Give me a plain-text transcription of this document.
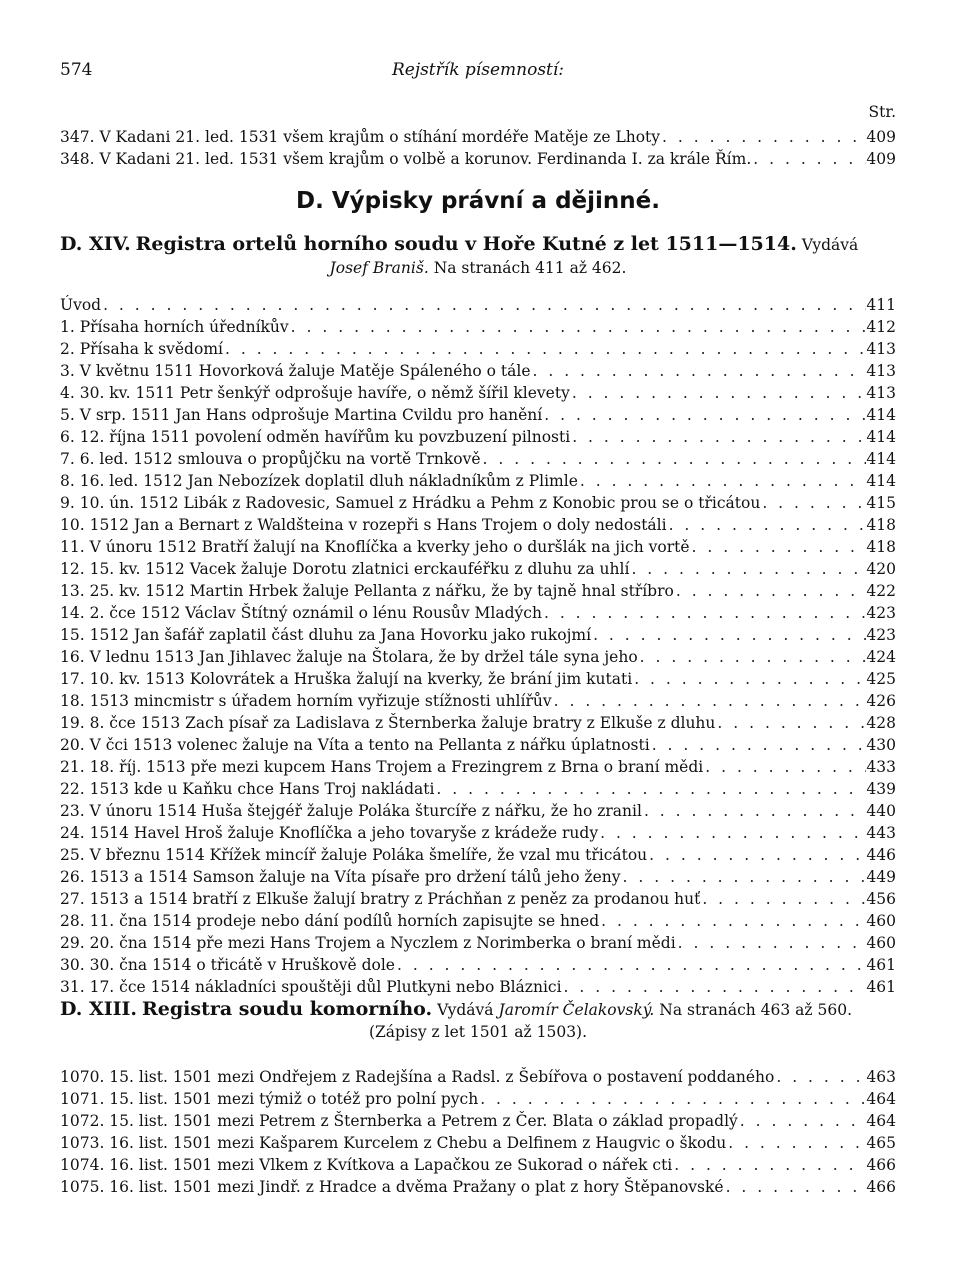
574	Rejstřík písemností:
Str.
347. V Kadani 21. led. 1531 všem krajům o stíhání mordéře Matěje ze Lhoty . . .	409
348. V Kadani 21. led. 1531 všem krajům o volbě a korunov. Ferdinanda I. za krále Řím. . . .	409
D. Výpisky právní a dějinné.
D. XIV. Registra ortelů horního soudu v Hoře Kutné z let 1511—1514. Vydává
Josef Braniš. Na stranách 411 až 462.
Úvod . . .	411
1. Přísaha horních úředníkův . . .	412
2. Přísaha k svědomí . . .	413
3. V květnu 1511 Hovorková žaluje Matěje Spáleného o tále . . .	413
4. 30. kv. 1511 Petr šenkýř odprošuje havíře, o němž šířil klevety . . .	413
5. V srp. 1511 Jan Hans odprošuje Martina Cvildu pro hanění . . .	414
6. 12. října 1511 povolení odměn havířům ku povzbuzení pilnosti . . .	414
7. 6. led. 1512 smlouva o propůjčku na vortě Trnkově . . .	414
8. 16. led. 1512 Jan Nebozízek doplatil dluh nákladníkům z Plimle . . .	414
9. 10. ún. 1512 Libák z Radovesic, Samuel z Hrádku a Pehm z Konobic prou se o třicátou . . .	415
10. 1512 Jan a Bernart z Waldšteina v rozepři s Hans Trojem o doly nedostáli . . .	418
11. V únoru 1512 Bratří žalují na Knoflíčka a kverky jeho o duršlák na jich vortě . . .	418
12. 15. kv. 1512 Vacek žaluje Dorotu zlatnici erckauféřku z dluhu za uhlí . . .	420
13. 25. kv. 1512 Martin Hrbek žaluje Pellanta z nářku, že by tajně hnal stříbro . . .	422
14. 2. čce 1512 Václav Štítný oznámil o lénu Rousův Mladých . . .	423
15. 1512 Jan šafář zaplatil část dluhu za Jana Hovorku jako rukojmí . . .	423
16. V lednu 1513 Jan Jihlavec žaluje na Štolara, že by držel tále syna jeho . . .	424
17. 10. kv. 1513 Kolovrátek a Hruška žalují na kverky, že brání jim kutati . . .	425
18. 1513 mincmistr s úřadem horním vyřizuje stížnosti uhlířův . . .	426
19. 8. čce 1513 Zach písař za Ladislava z Šternberka žaluje bratry z Elkuše z dluhu . . .	428
20. V čci 1513 volenec žaluje na Víta a tento na Pellanta z nářku úplatnosti . . .	430
21. 18. říj. 1513 pře mezi kupcem Hans Trojem a Frezingrem z Brna o braní mědi . . .	433
22. 1513 kde u Kaňku chce Hans Troj nakládati . . .	439
23. V únoru 1514 Huša štejgéř žaluje Poláka šturcíře z nářku, že ho zranil . . .	440
24. 1514 Havel Hroš žaluje Knoflíčka a jeho tovaryše z krádeže rudy . . .	443
25. V březnu 1514 Křížek mincíř žaluje Poláka šmelíře, že vzal mu třicátou . . .	446
26. 1513 a 1514 Samson žaluje na Víta písaře pro držení tálů jeho ženy . . .	449
27. 1513 a 1514 bratří z Elkuše žalují bratry z Práchňan z peněz za prodanou huť . . .	456
28. 11. čna 1514 prodeje nebo dání podílů horních zapisujte se hned . . .	460
29. 20. čna 1514 pře mezi Hans Trojem a Nyczlem z Norimberka o braní mědi . . .	460
30. 30. čna 1514 o třicátě v Hruškově dole . . .	461
31. 17. čce 1514 nákladníci spouštěji důl Plutkyni nebo Bláznici . . .	461
D. XIII. Registra soudu komorního. Vydává Jaromír Čelakovský. Na stranách 463 až 560.
(Zápisy z let 1501 až 1503).
1070. 15. list. 1501 mezi Ondřejem z Radejšína a Radsl. z Šebířova o postavení poddaného . . .	463
1071. 15. list. 1501 mezi týmiž o totéž pro polní pych . . .	464
1072. 15. list. 1501 mezi Petrem z Šternberka a Petrem z Čer. Blata o základ propadlý . . .	464
1073. 16. list. 1501 mezi Kašparem Kurcelem z Chebu a Delfinem z Haugvic o škodu . . .	465
1074. 16. list. 1501 mezi Vlkem z Kvítkova a Lapačkou ze Sukorad o nářek cti . . .	466
1075. 16. list. 1501 mezi Jindř. z Hradce a dvěma Pražany o plat z hory Štěpanovské . . .	466
